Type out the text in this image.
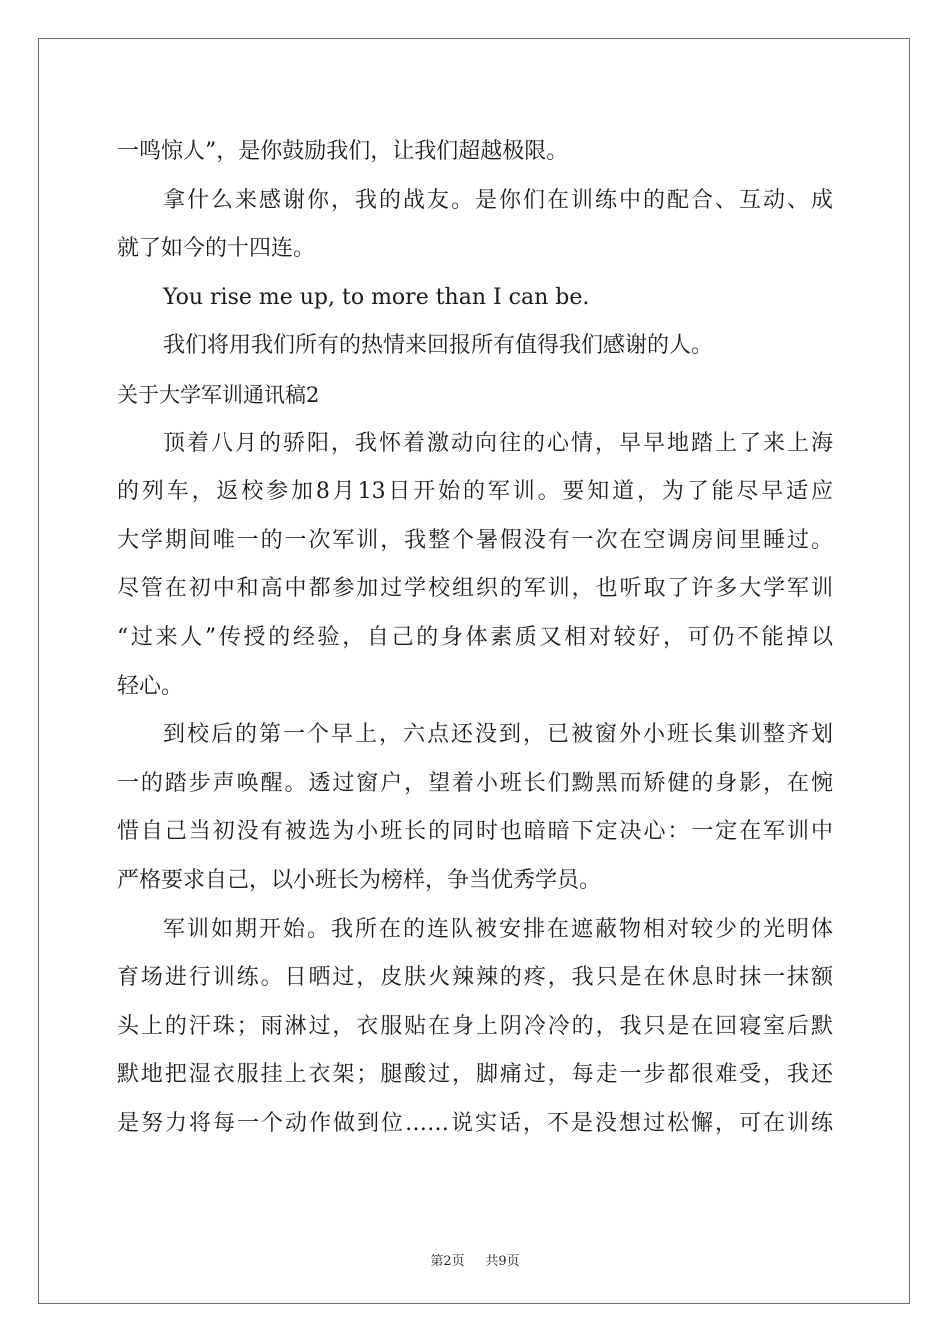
一鸣惊人”，是你鼓励我们，让我们超越极限。
拿什么来感谢你，我的战友。是你们在训练中的配合、互动、成
就了如今的十四连。
You rise me up, to more than I can be.
我们将用我们所有的热情来回报所有值得我们感谢的人。
关于大学军训通讯稿2
顶着八月的骄阳，我怀着激动向往的心情，早早地踏上了来上海
的列车，返校参加8月13日开始的军训。要知道，为了能尽早适应
大学期间唯一的一次军训，我整个暑假没有一次在空调房间里睡过。
尽管在初中和高中都参加过学校组织的军训，也听取了许多大学军训
“过来人”传授的经验，自己的身体素质又相对较好，可仍不能掉以
轻心。
到校后的第一个早上，六点还没到，已被窗外小班长集训整齐划
一的踏步声唤醒。透过窗户，望着小班长们黝黑而矫健的身影，在惋
惜自己当初没有被选为小班长的同时也暗暗下定决心：一定在军训中
严格要求自己，以小班长为榜样，争当优秀学员。
军训如期开始。我所在的连队被安排在遮蔽物相对较少的光明体
育场进行训练。日晒过，皮肤火辣辣的疼，我只是在休息时抹一抹额
头上的汗珠；雨淋过，衣服贴在身上阴冷冷的，我只是在回寝室后默
默地把湿衣服挂上衣架；腿酸过，脚痛过，每走一步都很难受，我还
是努力将每一个动作做到位……说实话，不是没想过松懈，可在训练
第2页 共9页
